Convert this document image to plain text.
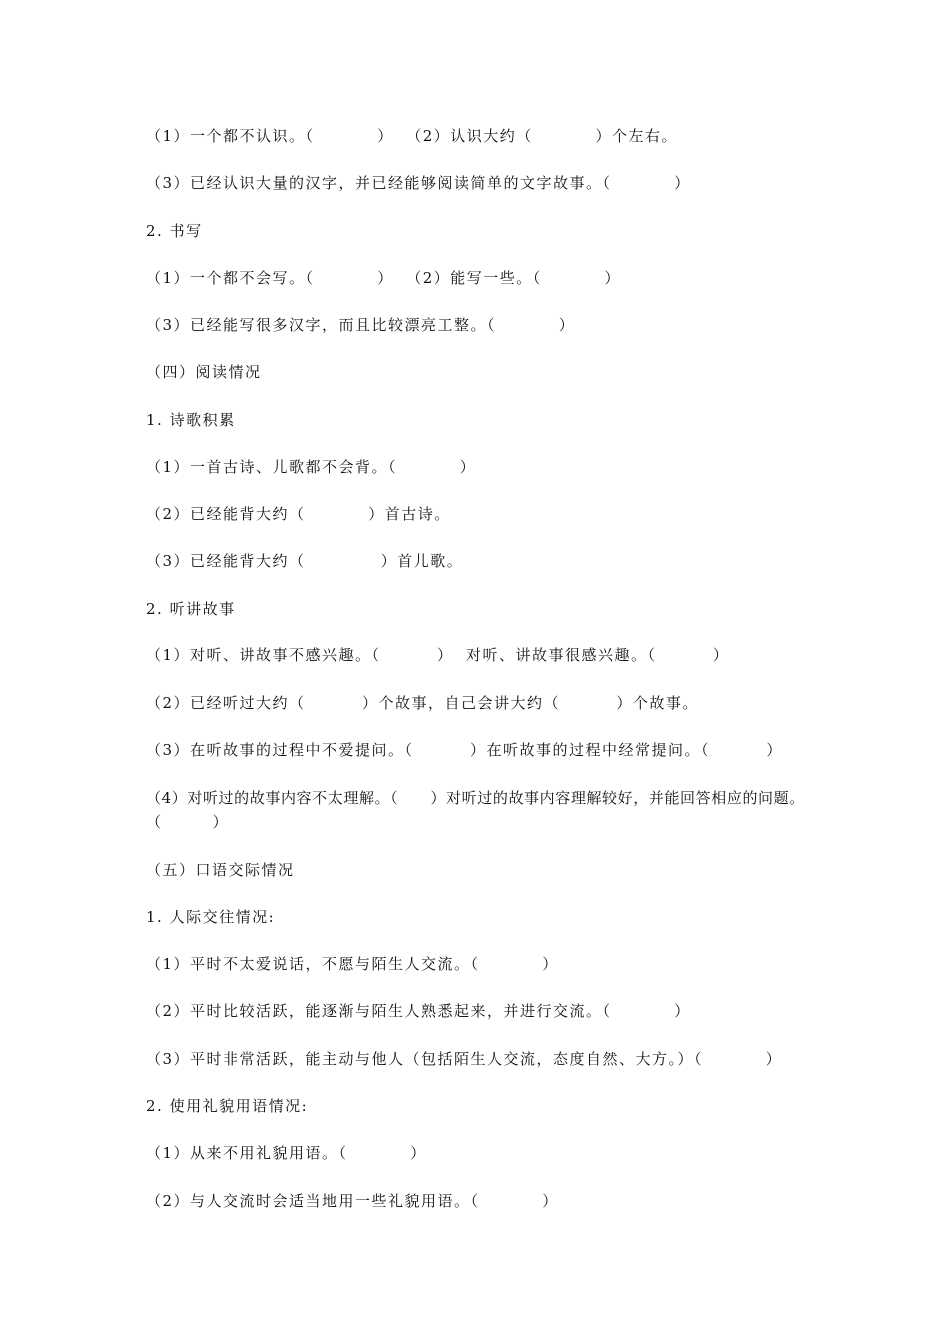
（1）一个都不认识。（          ）  （2）认识大约（          ）个左右。
（3）已经认识大量的汉字，并已经能够阅读简单的文字故事。（          ）
2. 书写
（1）一个都不会写。（          ）  （2）能写一些。（          ）
（3）已经能写很多汉字，而且比较漂亮工整。（          ）
（四）阅读情况
1. 诗歌积累
（1）一首古诗、儿歌都不会背。（          ）
（2）已经能背大约（          ）首古诗。
（3）已经能背大约（            ）首儿歌。
（1）对听、讲故事不感兴趣。（         ）  对听、讲故事很感兴趣。（         ）
2. 听讲故事
（2）已经听过大约（         ）个故事，自己会讲大约（         ）个故事。
（3）在听故事的过程中不爱提问。（         ）在听故事的过程中经常提问。（         ）
（4）对听过的故事内容不太理解。（      ）对听过的故事内容理解较好，并能回答相应的问题。
（        ）
（五）口语交际情况
1. 人际交往情况:
（1）平时不太爱说话，不愿与陌生人交流。（          ）
（2）平时比较活跃，能逐渐与陌生人熟悉起来，并进行交流。（          ）
（3）平时非常活跃，能主动与他人（包括陌生人交流，态度自然、大方。）（          ）
2. 使用礼貌用语情况:
（1）从来不用礼貌用语。（          ）
（2）与人交流时会适当地用一些礼貌用语。（          ）
